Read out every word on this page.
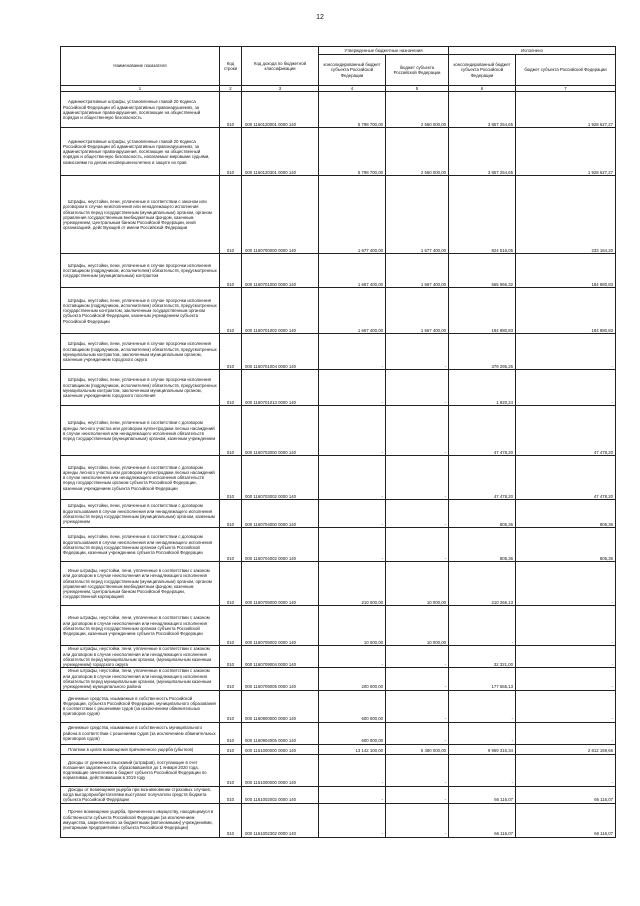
12
Наименование показателя	Код строки	Код дохода по бюджетной классификации	Утвержденные бюджетные назначения		Исполнено	
			консолидированный бюджет субъекта Российской Федерации	бюджет субъекта Российской Федерации	консолидированный бюджет субъекта Российской Федерации	бюджет субъекта Российской Федерации
1	2	3	4	5	6	7
Административные штрафы, установленные главой 20 Кодекса Российской Федерации об административных правонарушениях, за административные правонарушения, посягающие на общественный порядок и общественную безопасность	010	000 1160120001 0000 140	5 798 700,00	2 560 000,00	3 857 254,65	1 928 627,27
Административные штрафы, установленные главой 20 Кодекса Российской Федерации об административных правонарушениях, за административные правонарушения, посягающие на общественный порядок и общественную безопасность, налагаемые мировыми судьями, комиссиями по делам несовершеннолетних и защите их прав	010	000 1160120301 0000 140	5 798 700,00	2 560 000,00	3 857 254,65	1 928 627,27
Штрафы, неустойки, пени, уплаченные в соответствии с законом или договором в случае неисполнения или ненадлежащего исполнения обязательств перед государственным (муниципальным) органом, органом управления государственным внебюджетным фондом, казенным учреждением, Центральным банком Российской Федерации, иной организацией, действующей от имени Российской Федерации	010	000 1160700000 0000 140	1 677 400,00	1 677 400,00	824 516,05	233 164,20
Штрафы, неустойки, пени, уплаченные в случае просрочки исполнения поставщиком (подрядчиком, исполнителем) обязательств, предусмотренных государственным (муниципальным) контрактом	010	000 1160701000 0000 140	1 667 400,00	1 667 400,00	565 966,32	184 880,83
Штрафы, неустойки, пени, уплаченные в случае просрочки исполнения поставщиком (подрядчиком, исполнителем) обязательств, предусмотренных государственным контрактом, заключенным государственным органом субъекта Российской Федерации, казенным учреждением субъекта Российской Федерации	010	000 1160701002 0000 140	1 667 400,00	1 667 400,00	184 880,83	184 880,83
Штрафы, неустойки, пени, уплаченные в случае просрочки исполнения поставщиком (подрядчиком, исполнителем) обязательств, предусмотренных муниципальным контрактом, заключенным муниципальным органом, казенным учреждением городского округа	010	000 1160701004 0000 140	-	-	379 295,25	-
Штрафы, неустойки, пени, уплаченные в случае просрочки исполнения поставщиком (подрядчиком, исполнителем) обязательств, предусмотренных муниципальным контрактом, заключенным муниципальным органом, казенным учреждением городского поселения	010	000 1160701013 0000 140	-	-	1 820,24	-
Штрафы, неустойки, пени, уплаченные в соответствии с договором аренды лесного участка или договором купли-продажи лесных насаждений в случае неисполнения или ненадлежащего исполнения обязательств перед государственным (муниципальным) органом, казенным учреждением	010	000 1160703000 0000 140	-	-	47 478,20	47 478,20
Штрафы, неустойки, пени, уплаченные в соответствии с договором аренды лесного участка или договором купли-продажи лесных насаждений в случае неисполнения или ненадлежащего исполнения обязательств перед государственным органом субъекта Российской Федерации, казенным учреждением субъекта Российской Федерации	010	000 1160703002 0000 140	-	-	47 478,20	47 478,20
Штрафы, неустойки, пени, уплаченные в соответствии с договором водопользования в случае неисполнения или ненадлежащего исполнения обязательств перед государственным (муниципальным) органом, казенным учреждением	010	000 1160704000 0000 140	-	-	805,36	805,36
Штрафы, неустойки, пени, уплаченные в соответствии с договором водопользования в случае неисполнения или ненадлежащего исполнения обязательств перед государственным органом субъекта Российской Федерации, казенным учреждением субъекта Российской Федерации	010	000 1160704002 0000 140	-	-	805,36	805,36
Иные штрафы, неустойки, пени, уплаченные в соответствии с законом или договором в случае неисполнения или ненадлежащего исполнения обязательств перед государственным (муниципальным) органом, органом управления государственным внебюджетным фондом, казенным учреждением, Центральным банком Российской Федерации, государственной корпорацией	010	000 1160709000 0000 140	210 000,00	10 000,00	210 266,13	-
Иные штрафы, неустойки, пени, уплаченные в соответствии с законом или договором в случае неисполнения или ненадлежащего исполнения обязательств перед государственным органом субъекта Российской Федерации, казенным учреждением субъекта Российской Федерации	010	000 1160709002 0000 140	10 000,00	10 000,00	-	-
Иные штрафы, неустойки, пени, уплаченные в соответствии с законом или договором в случае неисполнения или ненадлежащего исполнения обязательств перед муниципальным органом, (муниципальным казенным учреждением) городского округа	010	000 1160709004 0000 140	-	-	32 321,00	-
Иные штрафы, неустойки, пени, уплаченные в соответствии с законом или договором в случае неисполнения или ненадлежащего исполнения обязательств перед муниципальным органом, (муниципальным казенным учреждением) муниципального района	010	000 1160709005 0000 140	200 000,00	-	177 665,13	-
Денежные средства, изымаемые в собственность Российской Федерации, субъекта Российской Федерации, муниципального образования в соответствии с решениями судов (за исключением обвинительных приговоров судов)	010	000 1160900000 0000 140	600 000,00	-	-	-
Денежные средства, изымаемые в собственность муниципального района в соответствии с решениями судов (за исключением обвинительных приговоров судов)	010	000 1160904005 0000 140	600 000,00	-	-	-
Платежи в целях возмещения причиненного ущерба (убытков)	010	000 1161000000 0000 140	13 142 100,00	5 480 000,00	9 969 316,34	2 812 159,66
Доходы от денежных взысканий (штрафов), поступающие в счет погашения задолженности, образовавшейся до 1 января 2020 года, подлежащие зачислению в бюджет субъекта Российской Федерации по нормативам, действовавшим в 2019 году	010	000 1161000000 0000 140	-	-	-	-
Доходы от возмещения ущерба при возникновении страховых случаев, когда выгодоприобретателями выступают получатели средств бюджета субъекта Российской Федерации	010	000 1161002002 0000 140	-	-	66 116,07	66 116,07
Прочее возмещение ущерба, причиненного имуществу, находящемуся в собственности субъекта Российской Федерации (за исключением имущества, закрепленного за бюджетными (автономными) учреждениями, унитарными предприятиями субъекта Российской Федерации)	010	000 1161002302 0000 140	-	-	66 116,07	66 116,07
